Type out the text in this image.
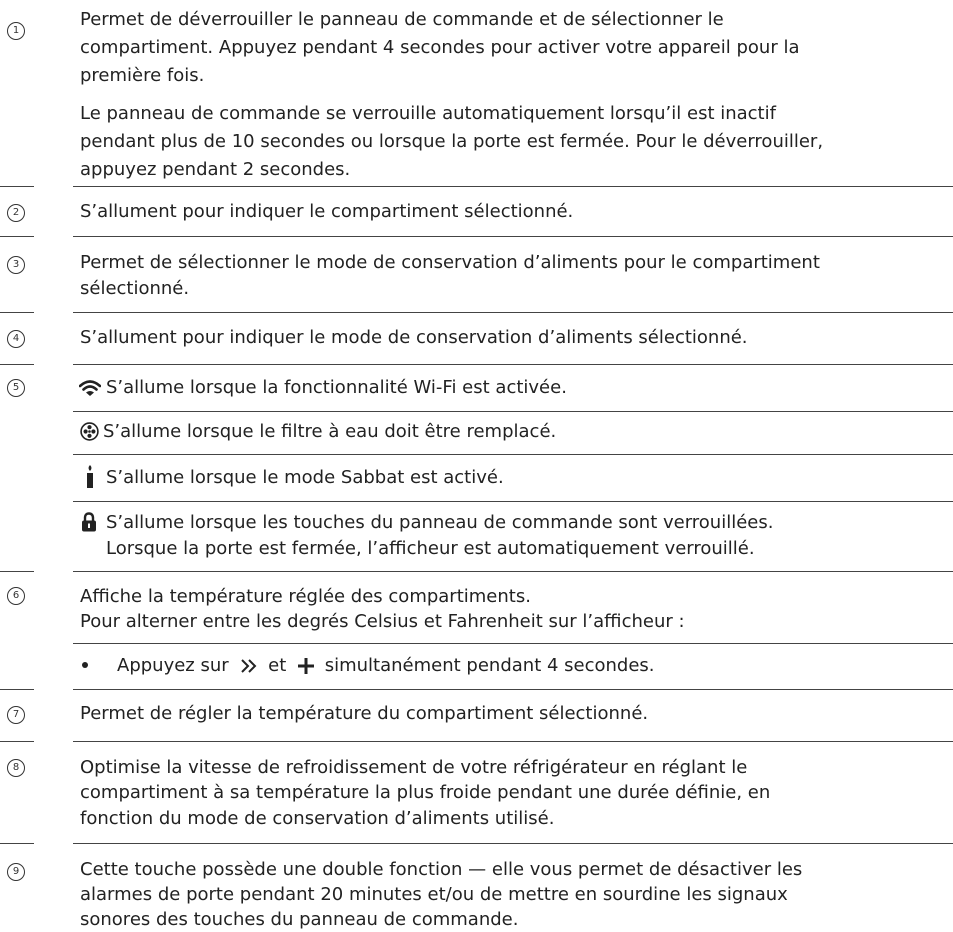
1

Permet de déverrouiller le panneau de commande et de sélectionner le

compartiment. Appuyez pendant 4 secondes pour activer votre appareil pour la

première fois.

Le panneau de commande se verrouille automatiquement lorsqu’il est inactif

pendant plus de 10 secondes ou lorsque la porte est fermée. Pour le déverrouiller,

appuyez pendant 2 secondes.

2	S’allument pour indiquer le compartiment sélectionné.

3	Permet de sélectionner le mode de conservation d’aliments pour le compartiment

sélectionné.

4	S’allument pour indiquer le mode de conservation d’aliments sélectionné.

5	S’allume lorsque la fonctionnalité Wi-Fi est activée.

S’allume lorsque le filtre à eau doit être remplacé.

S’allume lorsque le mode Sabbat est activé.

S’allume lorsque les touches du panneau de commande sont verrouillées.

Lorsque la porte est fermée, l’afficheur est automatiquement verrouillé.

6	Affiche la température réglée des compartiments.

Pour alterner entre les degrés Celsius et Fahrenheit sur l’afficheur :

Appuyez sur et simultanément pendant 4 secondes.

7	Permet de régler la température du compartiment sélectionné.

8	Optimise la vitesse de refroidissement de votre réfrigérateur en réglant le

compartiment à sa température la plus froide pendant une durée définie, en

fonction du mode de conservation d’aliments utilisé.

9	Cette touche possède une double fonction — elle vous permet de désactiver les

alarmes de porte pendant 20 minutes et/ou de mettre en sourdine les signaux

sonores des touches du panneau de commande.
